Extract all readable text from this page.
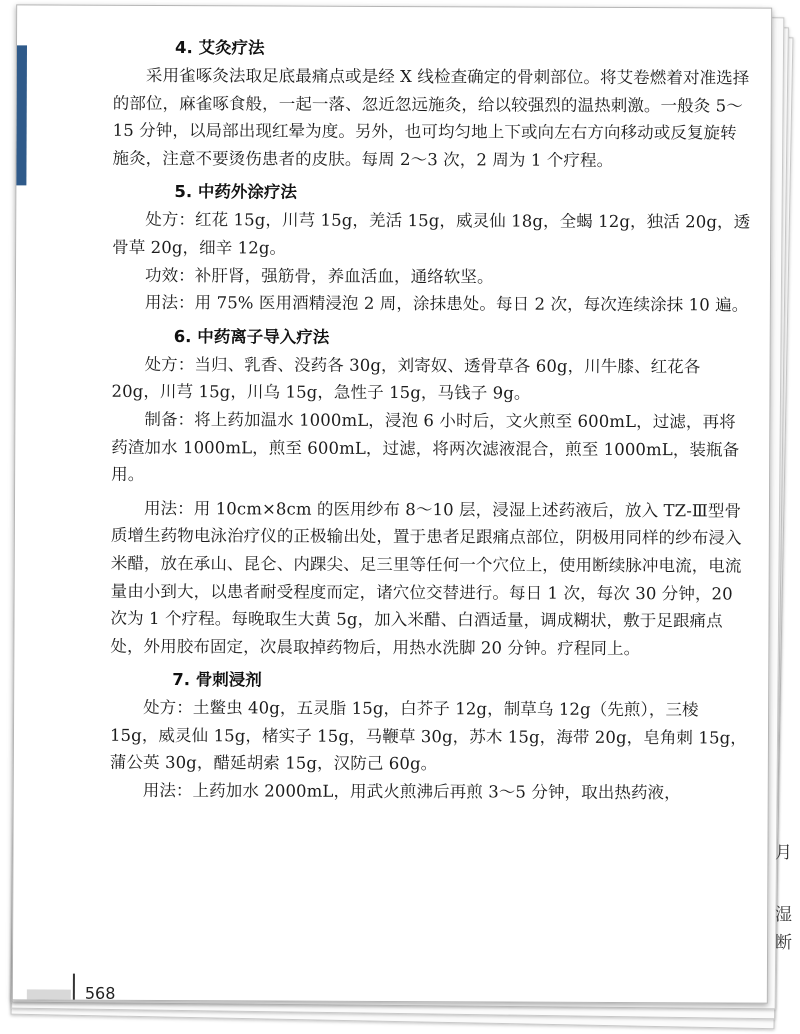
4. 艾灸疗法

采用雀啄灸法取足底最痛点或是经 X 线检查确定的骨刺部位。将艾卷燃着对准选择的部位，麻雀啄食般，一起一落、忽近忽远施灸，给以较强烈的温热刺激。一般灸 5～15 分钟，以局部出现红晕为度。另外，也可均匀地上下或向左右方向移动或反复旋转施灸，注意不要烫伤患者的皮肤。每周 2～3 次，2 周为 1 个疗程。

5. 中药外涂疗法

处方：红花 15g，川芎 15g，羌活 15g，威灵仙 18g，全蝎 12g，独活 20g，透骨草 20g，细辛 12g。

功效：补肝肾，强筋骨，养血活血，通络软坚。

用法：用 75% 医用酒精浸泡 2 周，涂抹患处。每日 2 次，每次连续涂抹 10 遍。

6. 中药离子导入疗法

处方：当归、乳香、没药各 30g，刘寄奴、透骨草各 60g，川牛膝、红花各 20g，川芎 15g，川乌 15g，急性子 15g，马钱子 9g。

制备：将上药加温水 1000mL，浸泡 6 小时后，文火煎至 600mL，过滤，再将药渣加水 1000mL，煎至 600mL，过滤，将两次滤液混合，煎至 1000mL，装瓶备用。

用法：用 10cm×8cm 的医用纱布 8～10 层，浸湿上述药液后，放入 TZ-Ⅲ型骨质增生药物电泳治疗仪的正极输出处，置于患者足跟痛点部位，阴极用同样的纱布浸入米醋，放在承山、昆仑、内踝尖、足三里等任何一个穴位上，使用断续脉冲电流，电流量由小到大，以患者耐受程度而定，诸穴位交替进行。每日 1 次，每次 30 分钟，20 次为 1 个疗程。每晚取生大黄 5g，加入米醋、白酒适量，调成糊状，敷于足跟痛点处，外用胶布固定，次晨取掉药物后，用热水洗脚 20 分钟。疗程同上。

7. 骨刺浸剂

处方：土鳖虫 40g，五灵脂 15g，白芥子 12g，制草乌 12g（先煎），三棱 15g，威灵仙 15g，楮实子 15g，马鞭草 30g，苏木 15g，海带 20g，皂角刺 15g，蒲公英 30g，醋延胡索 15g，汉防己 60g。

用法：上药加水 2000mL，用武火煎沸后再煎 3～5 分钟，取出热药液，

568
月
湿
断
